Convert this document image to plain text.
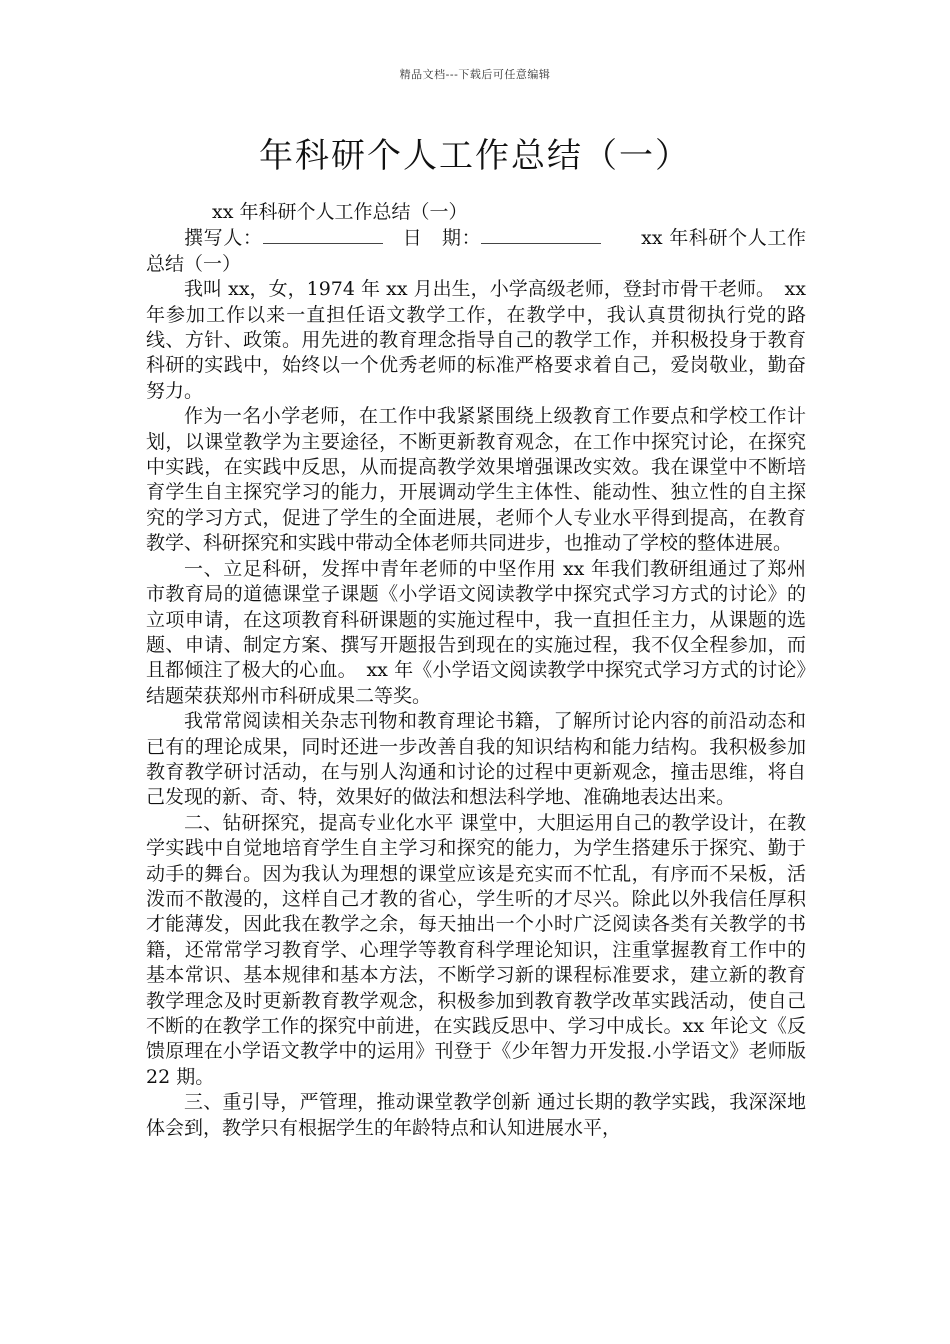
精品文档---下载后可任意编辑
年科研个人工作总结（一）

xx 年科研个人工作总结（一）

撰写人：　	日　期：　　	xx 年科研个人工作总结（一）

我叫 xx，女，1974 年 xx 月出生，小学高级老师，登封市骨干老师。　xx 年参加工作以来一直担任语文教学工作，在教学中，我认真贯彻执行党的路线、方针、政策。用先进的教育理念指导自己的教学工作，并积极投身于教育科研的实践中，始终以一个优秀老师的标准严格要求着自己，爱岗敬业，勤奋努力。

作为一名小学老师，在工作中我紧紧围绕上级教育工作要点和学校工作计划，以课堂教学为主要途径，不断更新教育观念，在工作中探究讨论，在探究中实践，在实践中反思，从而提高教学效果增强课改实效。我在课堂中不断培育学生自主探究学习的能力，开展调动学生主体性、能动性、独立性的自主探究的学习方式，促进了学生的全面进展，老师个人专业水平得到提高，在教育教学、科研探究和实践中带动全体老师共同进步，也推动了学校的整体进展。

一、立足科研，发挥中青年老师的中坚作用 xx 年我们教研组通过了郑州市教育局的道德课堂子课题《小学语文阅读教学中探究式学习方式的讨论》的立项申请，在这项教育科研课题的实施过程中，我一直担任主力，从课题的选题、申请、制定方案、撰写开题报告到现在的实施过程，我不仅全程参加，而且都倾注了极大的心血。　xx 年《小学语文阅读教学中探究式学习方式的讨论》结题荣获郑州市科研成果二等奖。

我常常阅读相关杂志刊物和教育理论书籍，了解所讨论内容的前沿动态和已有的理论成果，同时还进一步改善自我的知识结构和能力结构。我积极参加教育教学研讨活动，在与别人沟通和讨论的过程中更新观念，撞击思维，将自己发现的新、奇、特，效果好的做法和想法科学地、准确地表达出来。

二、钻研探究，提高专业化水平 课堂中，大胆运用自己的教学设计，在教学实践中自觉地培育学生自主学习和探究的能力，为学生搭建乐于探究、勤于动手的舞台。因为我认为理想的课堂应该是充实而不忙乱，有序而不呆板，活泼而不散漫的，这样自己才教的省心，学生听的才尽兴。除此以外我信任厚积才能薄发，因此我在教学之余，每天抽出一个小时广泛阅读各类有关教学的书籍，还常常学习教育学、心理学等教育科学理论知识，注重掌握教育工作中的基本常识、基本规律和基本方法，不断学习新的课程标准要求，建立新的教育教学理念及时更新教育教学观念，积极参加到教育教学改革实践活动，使自己不断的在教学工作的探究中前进，在实践反思中、学习中成长。xx 年论文《反馈原理在小学语文教学中的运用》刊登于《少年智力开发报.小学语文》老师版 22 期。

三、重引导，严管理，推动课堂教学创新 通过长期的教学实践，我深深地体会到，教学只有根据学生的年龄特点和认知进展水平，
